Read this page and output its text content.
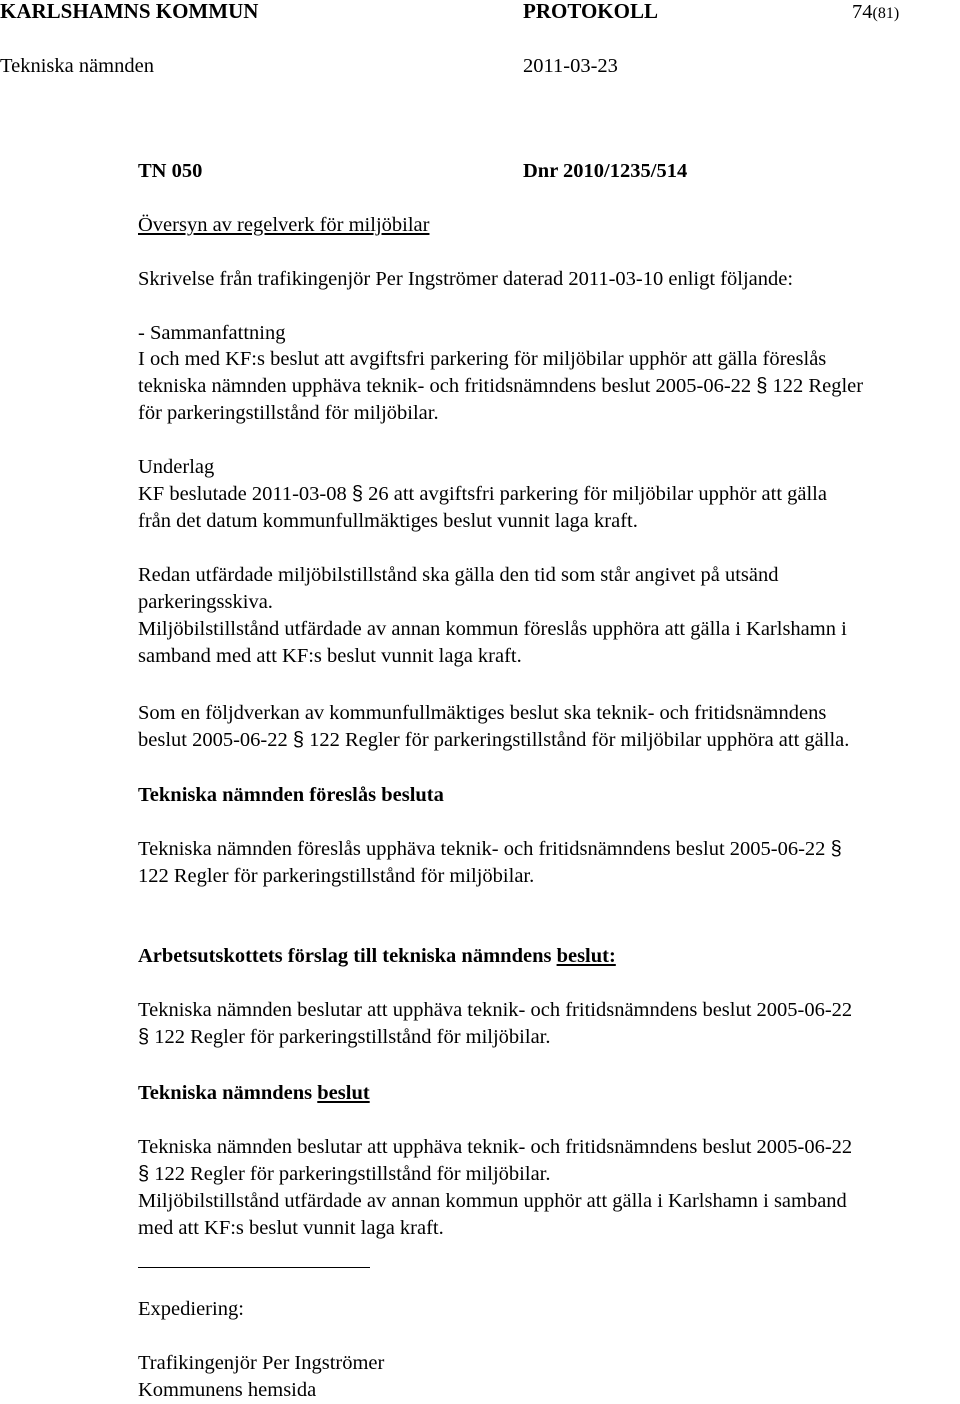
KARLSHAMNS KOMMUN	PROTOKOLL	74(81)
Tekniska nämnden	2011-03-23
TN 050	Dnr 2010/1235/514
Översyn av regelverk för miljöbilar
Skrivelse från trafikingenjör Per Ingströmer daterad 2011-03-10 enligt följande:
- Sammanfattning
I och med KF:s beslut att avgiftsfri parkering för miljöbilar upphör att gälla föreslås
tekniska nämnden upphäva teknik- och fritidsnämndens beslut 2005-06-22 § 122 Regler
för parkeringstillstånd för miljöbilar.
Underlag
KF beslutade 2011-03-08 § 26 att avgiftsfri parkering för miljöbilar upphör att gälla
från det datum kommunfullmäktiges beslut vunnit laga kraft.
Redan utfärdade miljöbilstillstånd ska gälla den tid som står angivet på utsänd
parkeringsskiva.
Miljöbilstillstånd utfärdade av annan kommun föreslås upphöra att gälla i Karlshamn i
samband med att KF:s beslut vunnit laga kraft.
Som en följdverkan av kommunfullmäktiges beslut ska teknik- och fritidsnämndens
beslut 2005-06-22 § 122 Regler för parkeringstillstånd för miljöbilar upphöra att gälla.
Tekniska nämnden föreslås besluta
Tekniska nämnden föreslås upphäva teknik- och fritidsnämndens beslut 2005-06-22 §
122 Regler för parkeringstillstånd för miljöbilar.
Arbetsutskottets förslag till tekniska nämndens beslut:
Tekniska nämnden beslutar att upphäva teknik- och fritidsnämndens beslut 2005-06-22
§ 122 Regler för parkeringstillstånd för miljöbilar.
Tekniska nämndens beslut
Tekniska nämnden beslutar att upphäva teknik- och fritidsnämndens beslut 2005-06-22
§ 122 Regler för parkeringstillstånd för miljöbilar.
Miljöbilstillstånd utfärdade av annan kommun upphör att gälla i Karlshamn i samband
med att KF:s beslut vunnit laga kraft.
Expediering:
Trafikingenjör Per Ingströmer
Kommunens hemsida
